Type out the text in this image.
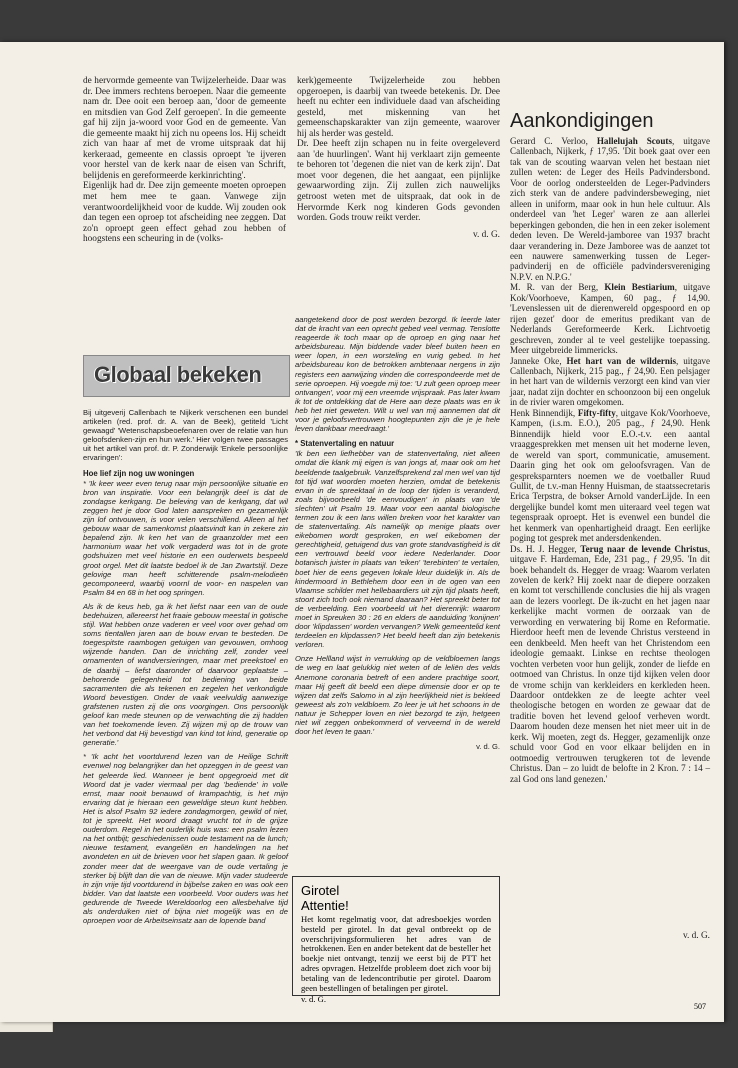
de hervormde gemeente van Twijzelerheide. Daar was dr. Dee immers rechtens beroepen. Naar die gemeente nam dr. Dee ooit een beroep aan, 'door de gemeente en mitsdien van God Zelf geroepen'. In die gemeente gaf hij zijn ja-woord voor God en de gemeente. Van die gemeente maakt hij zich nu opeens los. Hij scheidt zich van haar af met de vrome uitspraak dat hij kerkeraad, gemeente en classis oproept 'te ijveren voor herstel van de kerk naar de eisen van Schrift, belijdenis en gereformeerde kerkinrichting'.

Eigenlijk had dr. Dee zijn gemeente moeten oproepen met hem mee te gaan. Vanwege zijn verantwoordelijkheid voor de kudde. Wij zouden ook dan tegen een oproep tot afscheiding nee zeggen. Dat zo'n oproept geen effect gehad zou hebben of hoogstens een scheuring in de (volks-

kerk)gemeente Twijzelerheide zou hebben opgeroepen, is daarbij van tweede betekenis. Dr. Dee heeft nu echter een individuele daad van afscheiding gesteld, met miskenning van het gemeenschapskarakter van zijn gemeente, waarover hij als herder was gesteld.

Dr. Dee heeft zijn schapen nu in feite overgeleverd aan 'de huurlingen'. Want hij verklaart zijn gemeente te behoren tot 'degenen die niet van de kerk zijn'. Dat moet voor degenen, die het aangaat, een pijnlijke gewaarwording zijn. Zij zullen zich nauwelijks getroost weten met de uitspraak, dat ook in de Hervormde Kerk nog kinderen Gods gevonden worden. Gods trouw reikt verder.

v. d. G.

Globaal bekeken

Bij uitgeverij Callenbach te Nijkerk verschenen een bundel artikelen (red. prof. dr. A. van de Beek), getiteld 'Licht gewaagd' 'Wetenschapsbeoefenaren over de relatie van hun geloofsdenken-zijn en hun werk.' Hier volgen twee passages uit het artikel van prof. dr. P. Zonderwijk 'Enkele persoonlijke ervaringen':

Hoe lief zijn nog uw woningen

* 'Ik keer weer even terug naar mijn persoonlijke situatie en bron van inspiratie. Voor een belangrijk deel is dat de zondagse kerkgang. De beleving van de kerkgang, dat wil zeggen het je door God laten aanspreken en gezamenlijk zijn lof ontvouwen, is voor velen verschillend. Alleen al het gebouw waar de samenkomst plaatsvindt kan in zekere zin bepalend zijn. Ik ken het van de graanzolder met een harmonium waar het volk vergaderd was tot in de grote godshuizen met veel historie en een ouderwets bespeeld groot orgel. Met dit laatste bedoel ik de Jan Zwartstijl. Deze gelovige man heeft schitterende psalm-melodieën gecomponeerd, waarbij voornl de voor- en naspelen van Psalm 84 en 68 in het oog springen.

Als ik de keus heb, ga ik het liefst naar een van de oude bedehuizen, allereerst het fraaie gebouw meestal in gotische stijl. Wat hebben onze vaderen er veel voor over gehad om soms tientallen jaren aan de bouw ervan te besteden. De toegespitste raambogen getuigen van gevouwen, omhoog wijzende handen. Dan de inrichting zelf, zonder veel ornamenten of wandversieringen, maar met preekstoel en de daarbij – liefst daaronder of daarvoor geplaatste – behorende gelegenheid tot bediening van beide sacramenten die als tekenen en zegelen het verkondigde Woord bevestigen. Onder de vaak veelvuldig aanwezige grafstenen rusten zij die ons voorgingen. Ons persoonlijk geloof kan mede steunen op de verwachting die zij hadden van het toekomende leven. Zij wijzen mij op de trouw van het verbond dat Hij bevestigd van kind tot kind, generatie op generatie.'

* 'Ik acht het voortdurend lezen van de Heilige Schrift evenwel nog belangrijker dan het opzeggen in de geest van het geleerde lied. Wanneer je bent opgegroeid met dit Woord dat je vader viermaal per dag 'bediende' in volle ernst, maar nooit benauwd of krampachtig, is het mijn ervaring dat je hieraan een geweldige steun kunt hebben. Het is alsof Psalm 92 iedere zondagmorgen, gewild of niet, tot je spreekt. Het woord draagt vrucht tot in de grijze ouderdom. Regel in het ouderlijk huis was: een psalm lezen na het ontbijt; geschiedenissen oude testament na de lunch; nieuwe testament, evangeliën en handelingen na het avondeten en uit de brieven voor het slapen gaan. Ik geloof zonder meer dat de weergave van de oude vertaling je sterker bij blijft dan die van de nieuwe. Mijn vader studeerde in zijn vrije tijd voortdurend in bijbelse zaken en was ook een bidder. Van dat laatste een voorbeeld. Voor ouders was het gedurende de Tweede Wereldoorlog een allesbehalve tijd als onderduiken niet of bijna niet mogelijk was en de oproepen voor de Arbeitseinsatz aan de lopende band

aangetekend door de post werden bezorgd. Ik leerde later dat de kracht van een oprecht gebed veel vermag. Tenslotte reageerde ik toch maar op de oproep en ging naar het arbeidsbureau. Mijn biddende vader bleef buiten heen en weer lopen, in een worsteling en vurig gebed. In het arbeidsbureau kon de betrokken ambtenaar nergens in zijn registers een aanwijzing vinden die correspondeerde met de serie oproepen. Hij voegde mij toe: 'U zult geen oproep meer ontvangen', voor mij een vreemde vrijspraak. Pas later kwam ik tot de ontdekking dat de Here aan deze plaats was en ik heb het niet geweten. Wilt u wel van mij aannemen dat dit voor je geloofsvertrouwen hoogtepunten zijn die je je hele leven dankbaar meedraagt.'

* Statenvertaling en natuur

'Ik ben een liefhebber van de statenvertaling, niet alleen omdat die klank mij eigen is van jongs af, maar ook om het beeldende taalgebruik. Vanzelfsprekend zal men wel van tijd tot tijd wat woorden moeten herzien, omdat de betekenis ervan in de spreektaal in de loop der tijden is veranderd, zoals bijvoorbeeld 'de eenvoudigen' in plaats van 'de slechten' uit Psalm 19. Maar voor een aantal biologische termen zou ik een lans willen breken voor het karakter van de statenvertaling. Als namelijk op menige plaats over eikebomen wordt gesproken, en wel eikebomen der gerechtigheid, getuigend dus van grote standvastigheid is dit een vertrouwd beeld voor iedere Nederlander. Door botanisch juister in plaats van 'eiken' 'terebinten' te vertalen, boet hier de eens gegeven lokale kleur duidelijk in. Als de kindermoord in Bethlehem door een in de ogen van een Vlaamse schilder met hellebaardiers uit zijn tijd plaats heeft, stoort zich toch ook niemand daaraan? Het spreekt beter tot de verbeelding. Een voorbeeld uit het dierenrijk: waarom moet in Spreuken 30 : 26 en elders de aanduiding 'konijnen' door 'klipdassen' worden vervangen? Welk gemeentelid kent terdeelen en klipdassen? Het beeld heeft dan zijn betekenis verloren.

Onze Hellland wijst in verrukking op de veldbloemen langs de weg en laat gelukkig niet weten of de leliën des velds Anemone coronaria betreft of een andere prachtige soort, maar Hij geeft dit beeld een diepe dimensie door er op te wijzen dat zelfs Salomo in al zijn heerlijkheid niet is bekleed geweest als zo'n veldbloem. Zo leer je uit het schoons in de natuur je Schepper loven en niet bezorgd te zijn, hetgeen niet wil zeggen onbekommerd of verveemd in de wereld door het leven te gaan.'

v. d. G.

Girotel
Attentie!

Het komt regelmatig voor, dat adresboekjes worden besteld per girotel. In dat geval ontbreekt op de overschrijvingsformulieren het adres van de hetrokkenen. Een en ander betekent dat de besteller het boekje niet ontvangt, tenzij we eerst bij de PTT het adres opvragen. Hetzelfde probleem doet zich voor bij betaling van de ledencontributie per girotel. Daarom geen bestellingen of betalingen per girotel.

v. d. G.

Aankondigingen

Gerard C. Verloo, Hallelujah Scouts, uitgave Callenbach, Nijkerk, ƒ 17,95. 'Dit boek gaat over een tak van de scouting waarvan velen het bestaan niet zullen weten: de Leger des Heils Padvindersbond. Voor de oorlog ondersteelden de Leger-Padvinders zich sterk van de andere padvindersbeweging, niet alleen in uniform, maar ook in hun hele cultuur. Als onderdeel van 'het Leger' waren ze aan allerlei beperkingen gebonden, die hen in een zeker isolement deden leven. De Wereld-jamboree van 1937 bracht daar verandering in. Deze Jamboree was de aanzet tot een nauwere samenwerking tussen de Leger-padvinderij en de officiële padvindersvereniging N.P.V. en N.P.G.'

M. R. van der Berg, Klein Bestiarium, uitgave Kok/Voorhoeve, Kampen, 60 pag., ƒ 14,90. 'Levenslessen uit de dierenwereld opgespoord en op rijen gezet' door de emeritus predikant van de Nederlands Gereformeerde Kerk. Lichtvoetig geschreven, zonder al te veel gestelijke toepassing. Meer uitgebreide limmericks.

Janneke Oke, Het hart van de wildernis, uitgave Callenbach, Nijkerk, 215 pag., ƒ 24,90. Een pelsjager in het hart van de wildernis verzorgt een kind van vier jaar, nadat zijn dochter en schoonzoon bij een ongeluk in de rivier waren omgekomen.

Henk Binnendijk, Fifty-fifty, uitgave Kok/Voorhoeve, Kampen, (i.s.m. E.O.), 205 pag., ƒ 24,90. Henk Binnendijk hield voor E.O.-t.v. een aantal vraaggesprekken met mensen uit het moderne leven, de wereld van sport, communicatie, amusement. Daarin ging het ook om geloofsvragen. Van de gespreksparnters noemen we de voetballer Ruud Gullit, de t.v.-man Henny Huisman, de staatssecretaris Erica Terpstra, de bokser Arnold vanderLijde. In een dergelijke bundel komt men uiteraard veel tegen wat tegenspraak oproept. Het is evenwel een bundel die het kenmerk van openhartigheid draagt. Een eerlijke poging tot gesprek met andersdenkenden.

Ds. H. J. Hegger, Terug naar de levende Christus, uitgave F. Hardeman, Ede, 231 pag., ƒ 29,95. 'In dit boek behandelt ds. Hegger de vraag: Waarom verlaten zovelen de kerk? Hij zoekt naar de diepere oorzaken en komt tot verschillende conclusies die hij als vragen aan de lezers voorlegt. De ik-zucht en het jagen naar kerkelijke macht vormen de oorzaak van de verwording en verwatering bij Rome en Reformatie. Hierdoor heeft men de levende Christus versteend in een denkbeeld. Men heeft van het Christendom een ideologie gemaakt. Linkse en rechtse theologen vochten verbeten voor hun gelijk, zonder de liefde en ootmoed van Christus. In onze tijd kijken velen door de vrome schijn van kerkleiders en kerkleden heen. Daardoor ontdekken ze de leegte achter veel theologische betogen en worden ze gewaar dat de traditie boven het levend geloof verheven wordt. Daarom houden deze mensen het niet meer uit in de kerk. Wij moeten, zegt ds. Hegger, gezamenlijk onze schuld voor God en voor elkaar belijden en in ootmoedig vertrouwen terugkeren tot de levende Christus. Dan – zo luidt de belofte in 2 Kron. 7 : 14 – zal God ons land genezen.'

v. d. G.

507
